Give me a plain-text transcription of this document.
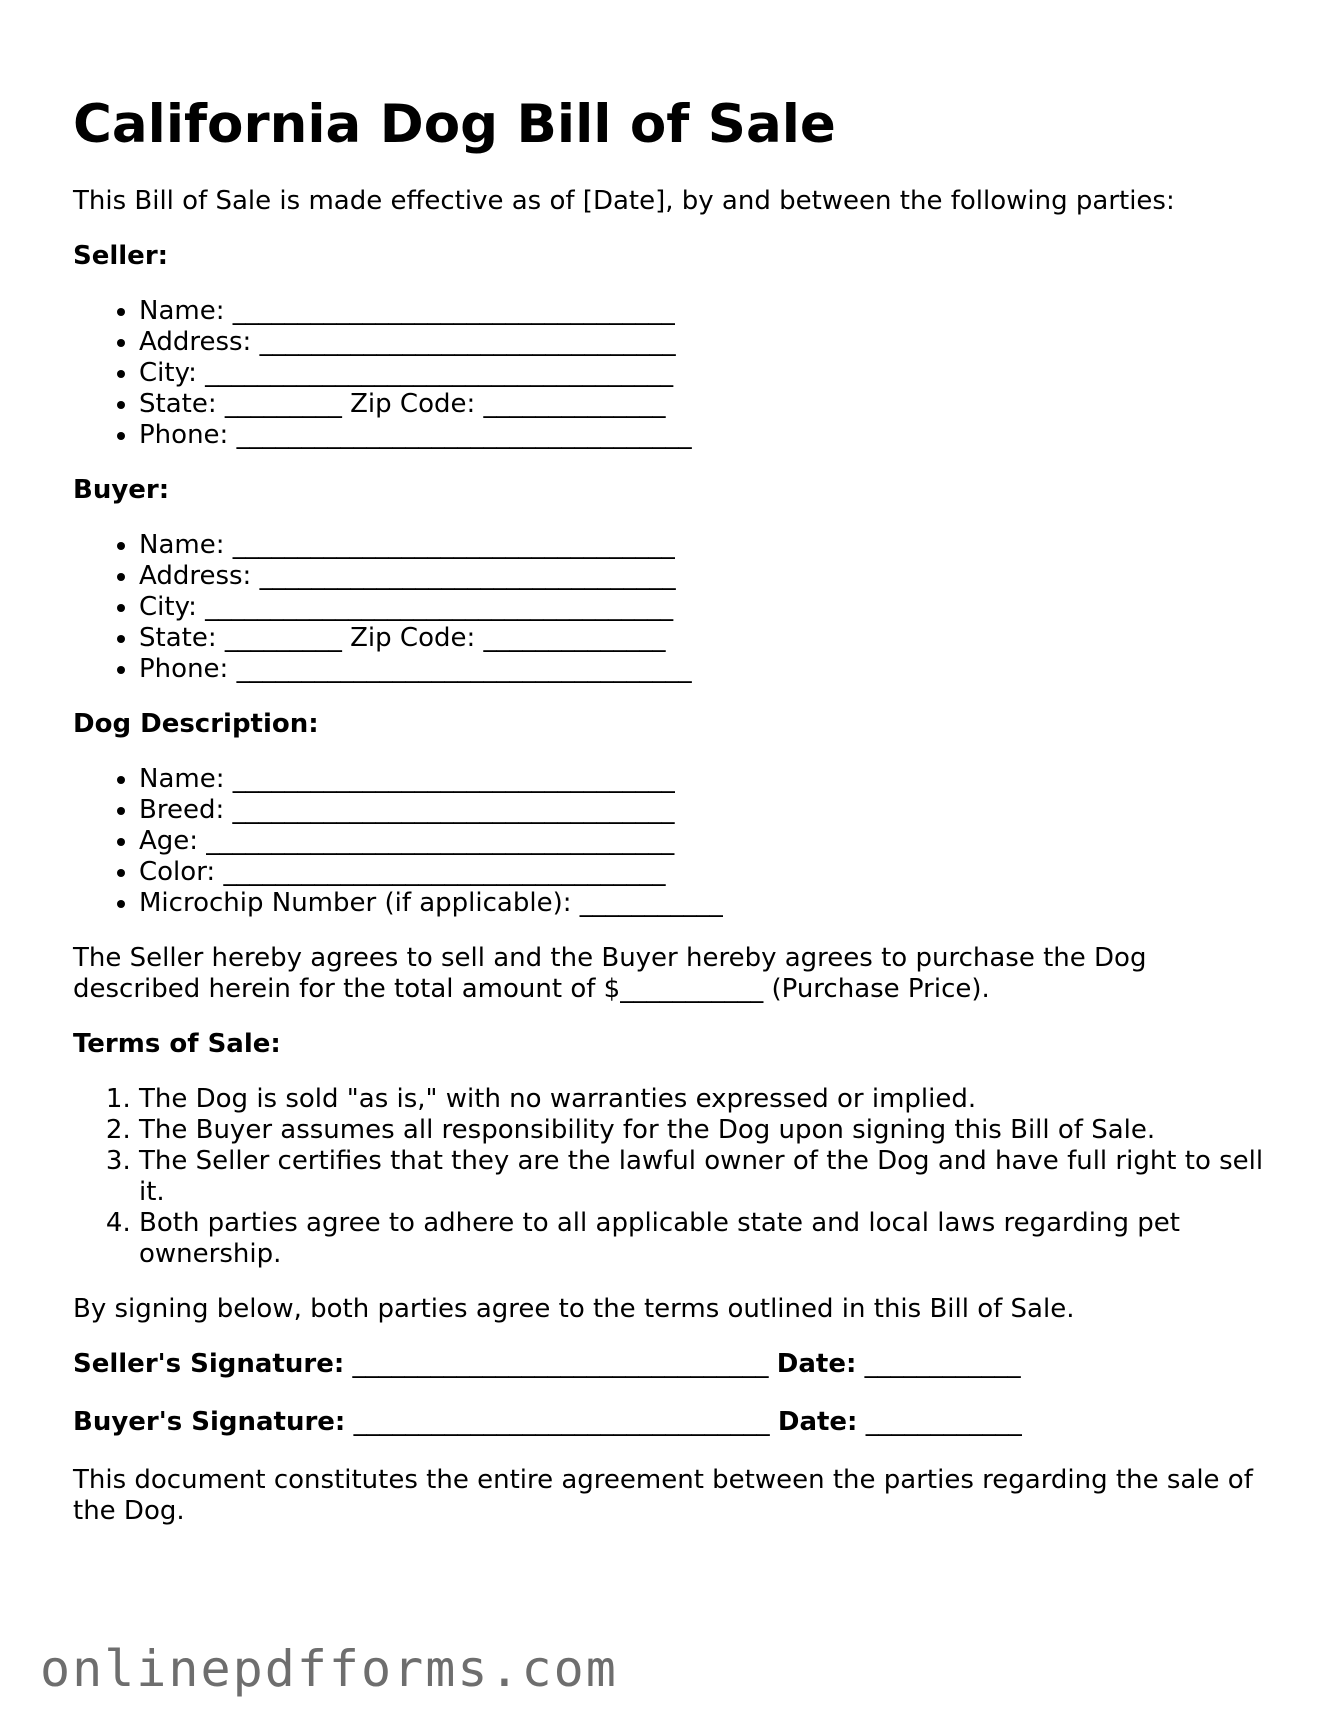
California Dog Bill of Sale

This Bill of Sale is made effective as of [Date], by and between the following parties:

Seller:
• Name: __________________________________
• Address: ________________________________
• City: ____________________________________
• State: _________ Zip Code: ______________
• Phone: ___________________________________
Buyer:
• Name: __________________________________
• Address: ________________________________
• City: ____________________________________
• State: _________ Zip Code: ______________
• Phone: ___________________________________
Dog Description:
• Name: __________________________________
• Breed: __________________________________
• Age: ____________________________________
• Color: __________________________________
• Microchip Number (if applicable): ___________

The Seller hereby agrees to sell and the Buyer hereby agrees to purchase the Dog described herein for the total amount of $___________ (Purchase Price).

Terms of Sale:
1. The Dog is sold "as is," with no warranties expressed or implied.
2. The Buyer assumes all responsibility for the Dog upon signing this Bill of Sale.
3. The Seller certifies that they are the lawful owner of the Dog and have full right to sell it.
4. Both parties agree to adhere to all applicable state and local laws regarding pet ownership.

By signing below, both parties agree to the terms outlined in this Bill of Sale.

Seller's Signature: ________________________________ Date: ____________
Buyer's Signature: ________________________________ Date: ____________

This document constitutes the entire agreement between the parties regarding the sale of the Dog.

onlinepdfforms.com
